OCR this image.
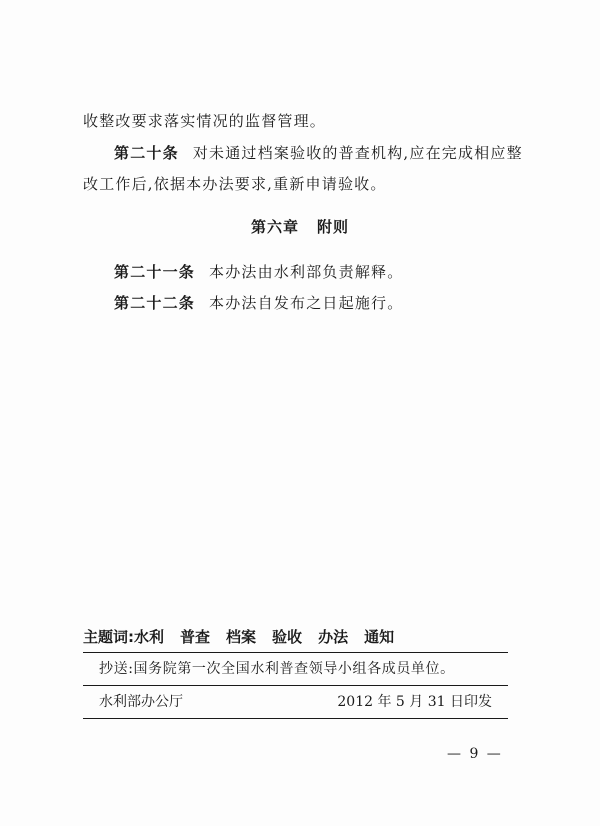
收整改要求落实情况的监督管理。
第二十条 对未通过档案验收的普查机构,应在完成相应整
改工作后,依据本办法要求,重新申请验收。
第六章 附则
第二十一条 本办法由水利部负责解释。
第二十二条 本办法自发布之日起施行。
主题词:水利 普查 档案 验收 办法 通知
抄送:国务院第一次全国水利普查领导小组各成员单位。
水利部办公厅	2012 年 5 月 31 日印发
— 9 —
